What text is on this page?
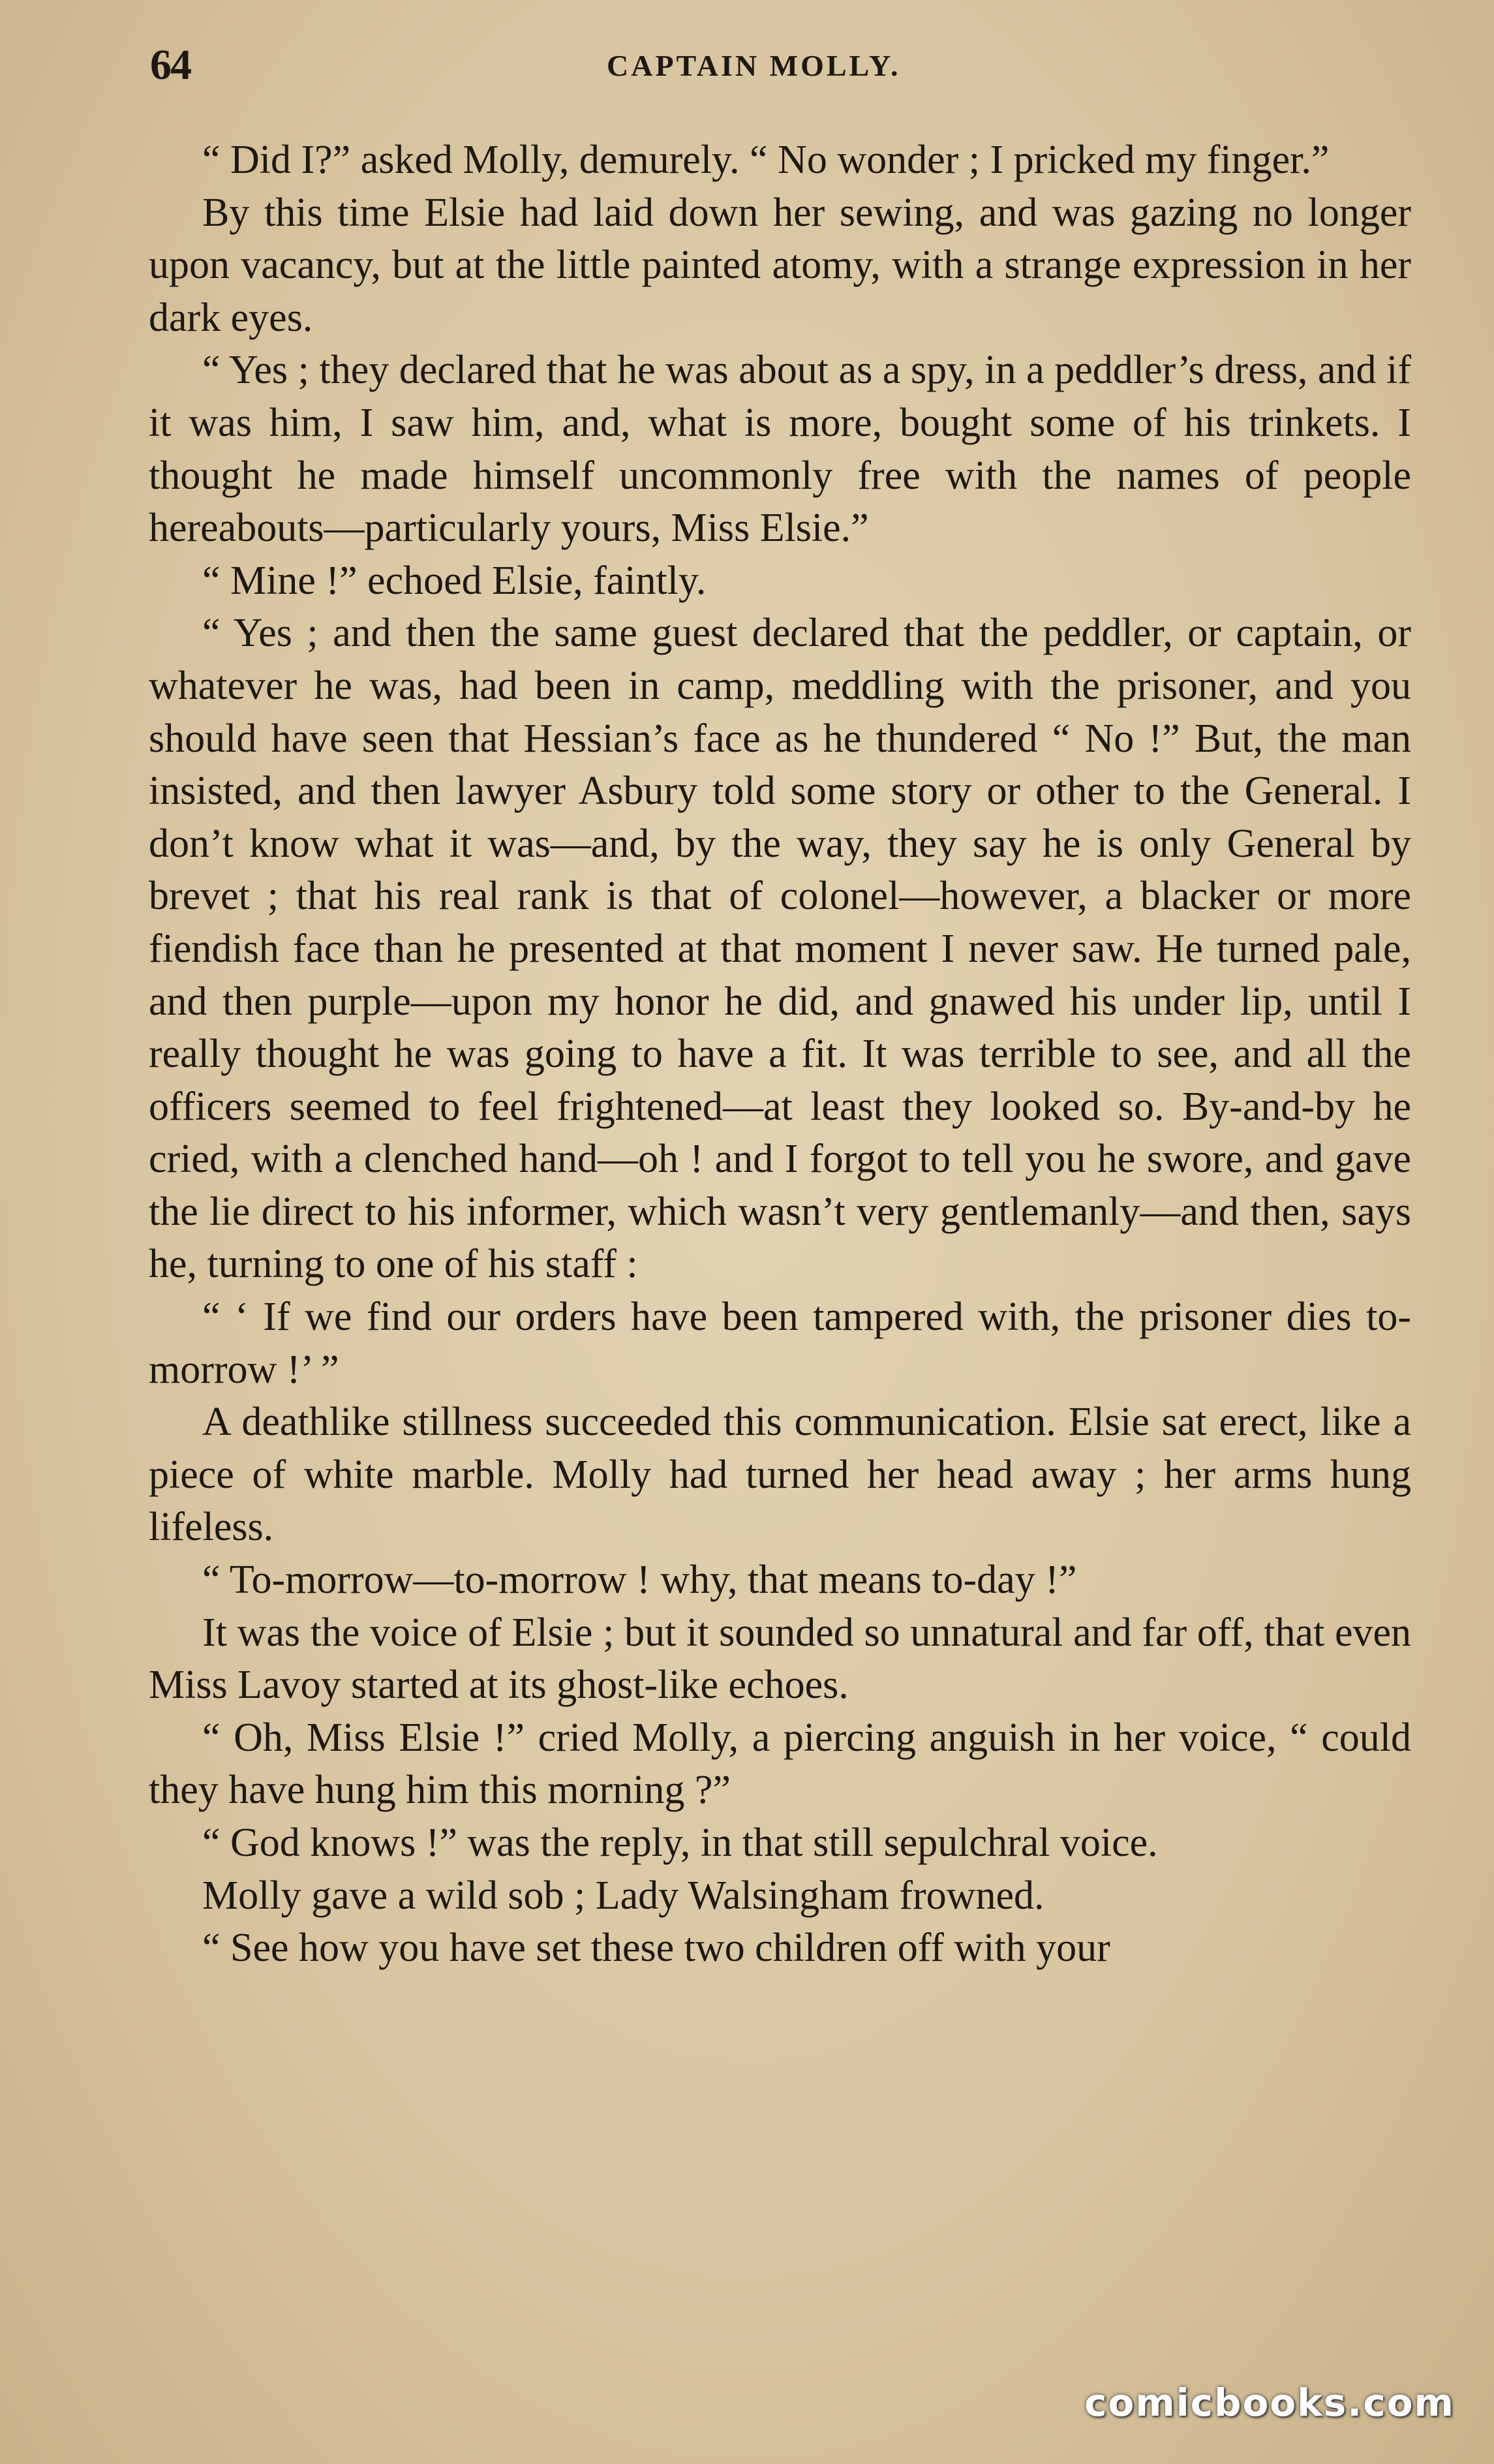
64	CAPTAIN MOLLY.

“ Did I?” asked Molly, demurely. “ No wonder ; I pricked my finger.”

By this time Elsie had laid down her sewing, and was gazing no longer upon vacancy, but at the little painted atomy, with a strange expression in her dark eyes.

“ Yes ; they declared that he was about as a spy, in a peddler’s dress, and if it was him, I saw him, and, what is more, bought some of his trinkets. I thought he made himself uncommonly free with the names of people hereabouts—particularly yours, Miss Elsie.”

“ Mine !” echoed Elsie, faintly.

“ Yes ; and then the same guest declared that the peddler, or captain, or whatever he was, had been in camp, meddling with the prisoner, and you should have seen that Hessian’s face as he thundered “ No !” But, the man insisted, and then lawyer Asbury told some story or other to the General. I don’t know what it was—and, by the way, they say he is only General by brevet ; that his real rank is that of colonel—however, a blacker or more fiendish face than he presented at that moment I never saw. He turned pale, and then purple—upon my honor he did, and gnawed his under lip, until I really thought he was going to have a fit. It was terrible to see, and all the officers seemed to feel frightened—at least they looked so. By-and-by he cried, with a clenched hand—oh ! and I forgot to tell you he swore, and gave the lie direct to his informer, which wasn’t very gentlemanly—and then, says he, turning to one of his staff :

“ ‘ If we find our orders have been tampered with, the prisoner dies to-morrow !’ ”

A deathlike stillness succeeded this communication. Elsie sat erect, like a piece of white marble. Molly had turned her head away ; her arms hung lifeless.

“ To-morrow—to-morrow ! why, that means to-day !”

It was the voice of Elsie ; but it sounded so unnatural and far off, that even Miss Lavoy started at its ghost-like echoes.

“ Oh, Miss Elsie !” cried Molly, a piercing anguish in her voice, “ could they have hung him this morning ?”

“ God knows !” was the reply, in that still sepulchral voice.

Molly gave a wild sob ; Lady Walsingham frowned.

“ See how you have set these two children off with your

comicbooks.com
